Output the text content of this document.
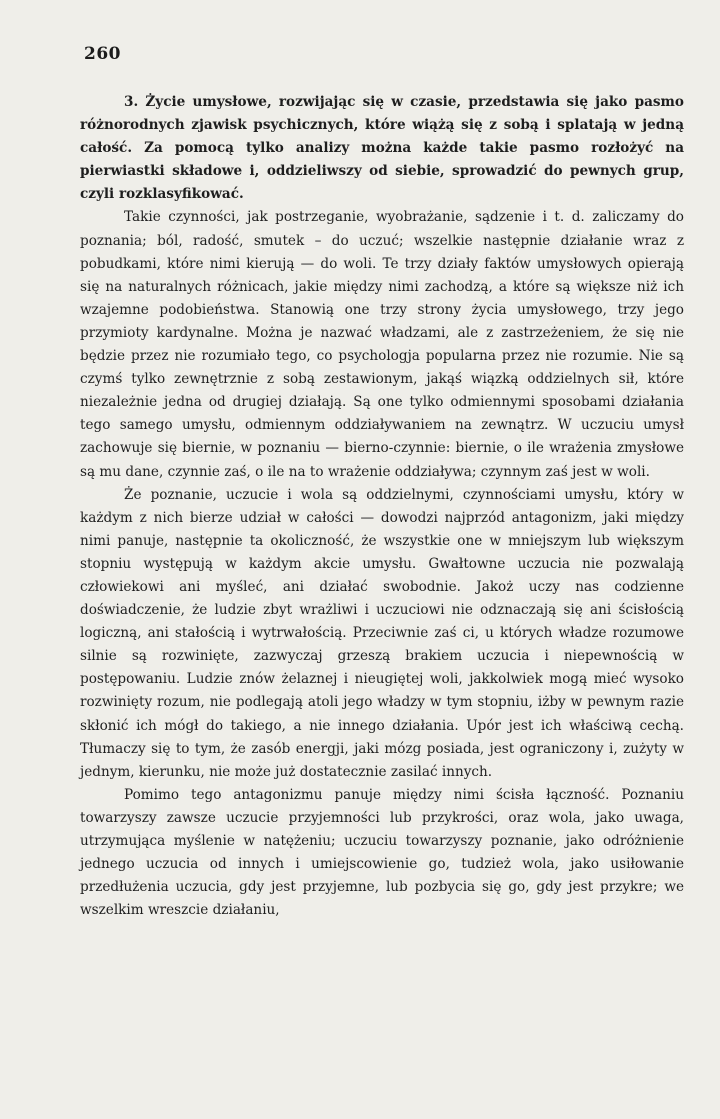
260

3. Życie umysłowe, rozwijając się w czasie, przedstawia się jako pasmo różnorodnych zjawisk psychicznych, które wiążą się z sobą i splatają w jedną całość. Za pomocą tylko analizy można każde takie pasmo rozłożyć na pierwiastki składowe i, oddzieliwszy od siebie, sprowadzić do pewnych grup, czyli rozklasyfikować.

Takie czynności, jak postrzeganie, wyobrażanie, sądzenie i t. d. zaliczamy do poznania; ból, radość, smutek – do uczuć; wszelkie następnie działanie wraz z pobudkami, które nimi kierują — do woli. Te trzy działy faktów umysłowych opierają się na naturalnych różnicach, jakie między nimi zachodzą, a które są większe niż ich wzajemne podobieństwa. Stanowią one trzy strony życia umysłowego, trzy jego przymioty kardynalne. Można je nazwać władzami, ale z zastrzeżeniem, że się nie będzie przez nie rozumiało tego, co psychologja popularna przez nie rozumie. Nie są czymś tylko zewnętrznie z sobą zestawionym, jakąś wiązką oddzielnych sił, które niezależnie jedna od drugiej działają. Są one tylko odmiennymi sposobami działania tego samego umysłu, odmiennym oddziaływaniem na zewnątrz. W uczuciu umysł zachowuje się biernie, w poznaniu — bierno-czynnie: biernie, o ile wrażenia zmysłowe są mu dane, czynnie zaś, o ile na to wrażenie oddziaływa; czynnym zaś jest w woli.

Że poznanie, uczucie i wola są oddzielnymi, czynnościami umysłu, który w każdym z nich bierze udział w całości — dowodzi najprzód antagonizm, jaki między nimi panuje, następnie ta okoliczność, że wszystkie one w mniejszym lub większym stopniu występują w każdym akcie umysłu. Gwałtowne uczucia nie pozwalają człowiekowi ani myśleć, ani działać swobodnie. Jakoż uczy nas codzienne doświadczenie, że ludzie zbyt wrażliwi i uczuciowi nie odznaczają się ani ścisłością logiczną, ani stałością i wytrwałością. Przeciwnie zaś ci, u których władze rozumowe silnie są rozwinięte, zazwyczaj grzeszą brakiem uczucia i niepewnością w postępowaniu. Ludzie znów żelaznej i nieugiętej woli, jakkolwiek mogą mieć wysoko rozwinięty rozum, nie podlegają atoli jego władzy w tym stopniu, iżby w pewnym razie skłonić ich mógł do takiego, a nie innego działania. Upór jest ich właściwą cechą. Tłumaczy się to tym, że zasób energji, jaki mózg posiada, jest ograniczony i, zużyty w jednym, kierunku, nie może już dostatecznie zasilać innych.

Pomimo tego antagonizmu panuje między nimi ścisła łączność. Poznaniu towarzyszy zawsze uczucie przyjemności lub przykrości, oraz wola, jako uwaga, utrzymująca myślenie w natężeniu; uczuciu towarzyszy poznanie, jako odróżnienie jednego uczucia od innych i umiejscowienie go, tudzież wola, jako usiłowanie przedłużenia uczucia, gdy jest przyjemne, lub pozbycia się go, gdy jest przykre; we wszelkim wreszcie działaniu,
